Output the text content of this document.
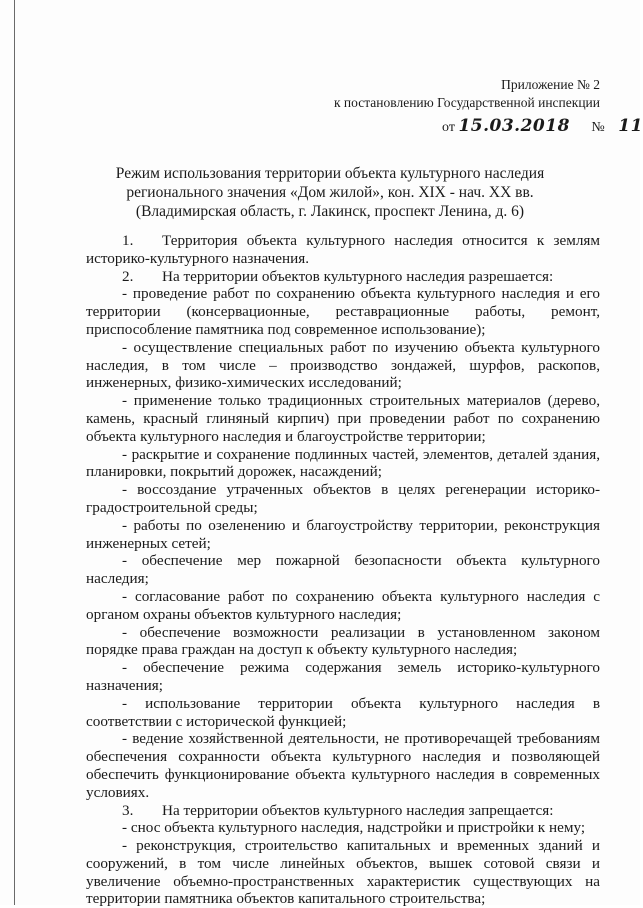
Приложение № 2
к постановлению Государственной инспекции
от 15.03.2018 № 11
Режим использования территории объекта культурного наследия
регионального значения «Дом жилой», кон. XIX - нач. XX вв.
(Владимирская область, г. Лакинск, проспект Ленина, д. 6)

1. Территория объекта культурного наследия относится к землям историко-культурного назначения.

2. На территории объектов культурного наследия разрешается:

- проведение работ по сохранению объекта культурного наследия и его территории (консервационные, реставрационные работы, ремонт, приспособление памятника под современное использование);

- осуществление специальных работ по изучению объекта культурного наследия, в том числе – производство зондажей, шурфов, раскопов, инженерных, физико-химических исследований;

- применение только традиционных строительных материалов (дерево, камень, красный глиняный кирпич) при проведении работ по сохранению объекта культурного наследия и благоустройстве территории;

- раскрытие и сохранение подлинных частей, элементов, деталей здания, планировки, покрытий дорожек, насаждений;

- воссоздание утраченных объектов в целях регенерации историко-градостроительной среды;

- работы по озеленению и благоустройству территории, реконструкция инженерных сетей;

- обеспечение мер пожарной безопасности объекта культурного наследия;

- согласование работ по сохранению объекта культурного наследия с органом охраны объектов культурного наследия;

- обеспечение возможности реализации в установленном законом порядке права граждан на доступ к объекту культурного наследия;

- обеспечение режима содержания земель историко-культурного назначения;

- использование территории объекта культурного наследия в соответствии с исторической функцией;

- ведение хозяйственной деятельности, не противоречащей требованиям обеспечения сохранности объекта культурного наследия и позволяющей обеспечить функционирование объекта культурного наследия в современных условиях.

3. На территории объектов культурного наследия запрещается:

- снос объекта культурного наследия, надстройки и пристройки к нему;

- реконструкция, строительство капитальных и временных зданий и сооружений, в том числе линейных объектов, вышек сотовой связи и увеличение объемно-пространственных характеристик существующих на территории памятника объектов капитального строительства;
